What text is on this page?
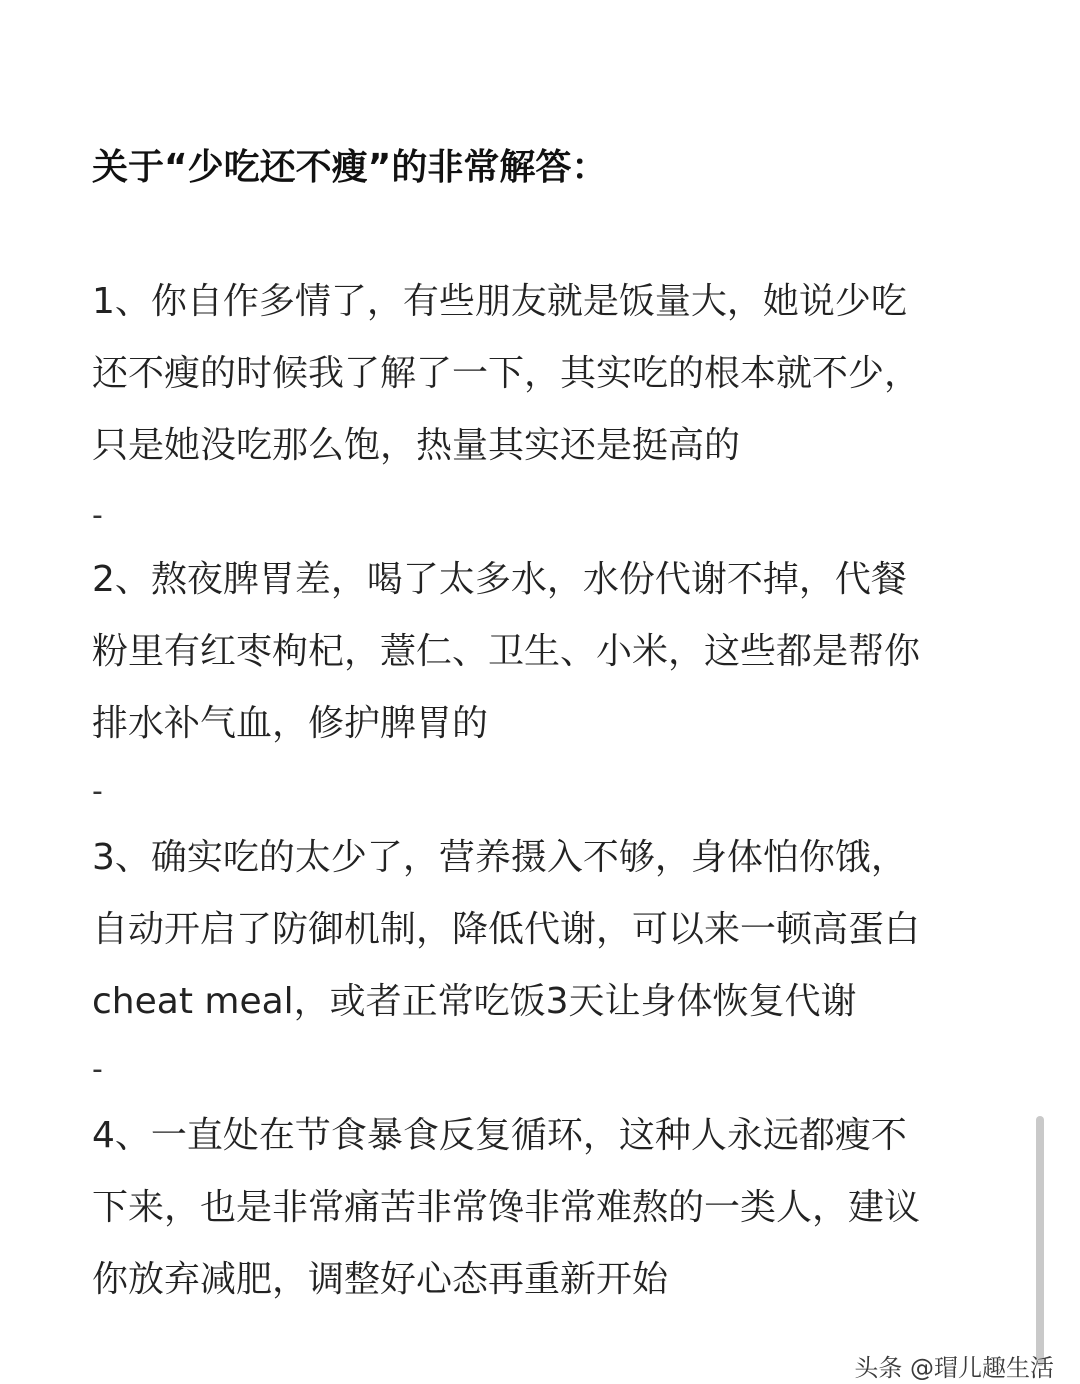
关于“少吃还不瘦”的非常解答：
1、你自作多情了，有些朋友就是饭量大，她说少吃
还不瘦的时候我了解了一下，其实吃的根本就不少，
只是她没吃那么饱，热量其实还是挺高的
-
2、熬夜脾胃差，喝了太多水，水份代谢不掉，代餐
粉里有红枣枸杞，薏仁、卫生、小米，这些都是帮你
排水补气血，修护脾胃的
-
3、确实吃的太少了，营养摄入不够，身体怕你饿，
自动开启了防御机制，降低代谢，可以来一顿高蛋白
cheat meal，或者正常吃饭3天让身体恢复代谢
-
4、一直处在节食暴食反复循环，这种人永远都瘦不
下来，也是非常痛苦非常馋非常难熬的一类人，建议
你放弃减肥，调整好心态再重新开始
头条 @瑁儿趣生活
